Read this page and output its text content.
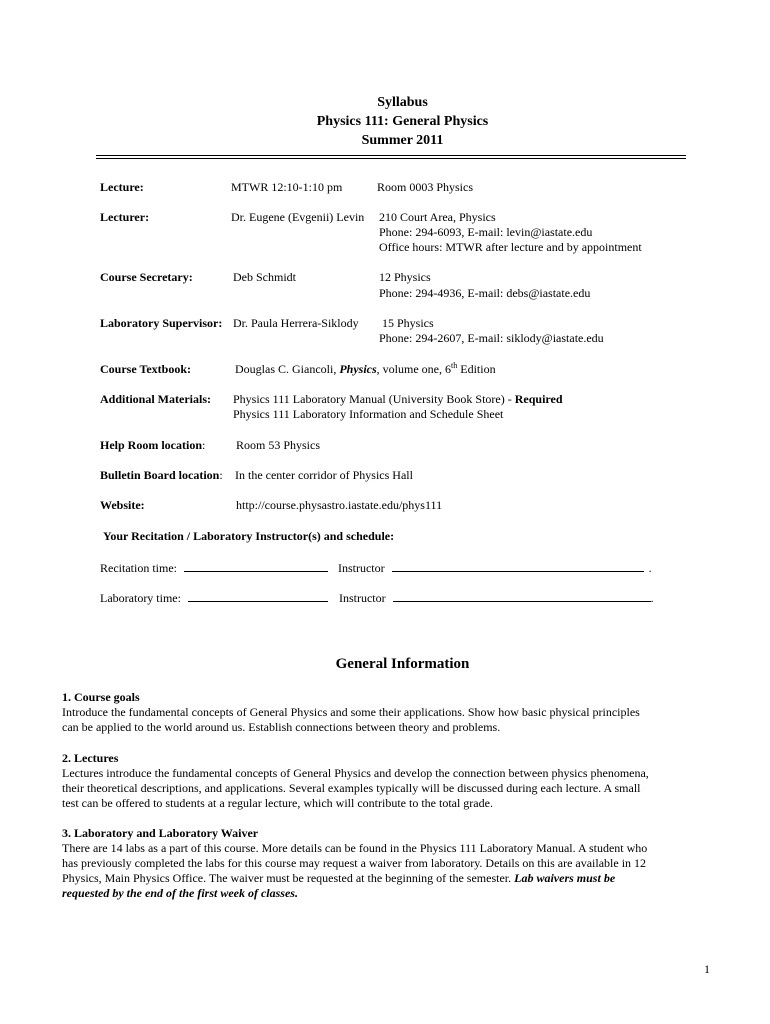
Syllabus
Physics 111: General Physics
Summer 2011
Lecture:	MTWR 12:10-1:10 pm	Room 0003 Physics
Lecturer:	Dr. Eugene (Evgenii) Levin 210 Court Area, Physics
Phone: 294-6093, E-mail: levin@iastate.edu
Office hours: MTWR after lecture and by appointment
Course Secretary:	Deb Schmidt	12 Physics
Phone: 294-4936, E-mail: debs@iastate.edu
Laboratory Supervisor: Dr. Paula Herrera-Siklody 15 Physics
Phone: 294-2607, E-mail: siklody@iastate.edu
Course Textbook:	Douglas C. Giancoli, Physics, volume one, 6th Edition
Additional Materials: Physics 111 Laboratory Manual (University Book Store) - Required
Physics 111 Laboratory Information and Schedule Sheet
Help Room location:	Room 53 Physics
Bulletin Board location: In the center corridor of Physics Hall
Website:	http://course.physastro.iastate.edu/phys111
Your Recitation / Laboratory Instructor(s) and schedule:
Recitation time:	Instructor	.
Laboratory time:	Instructor	.
General Information
1. Course goals
Introduce the fundamental concepts of General Physics and some their applications. Show how basic physical principles
can be applied to the world around us. Establish connections between theory and problems.
2. Lectures
Lectures introduce the fundamental concepts of General Physics and develop the connection between physics phenomena,
their theoretical descriptions, and applications. Several examples typically will be discussed during each lecture. A small
test can be offered to students at a regular lecture, which will contribute to the total grade.
3. Laboratory and Laboratory Waiver
There are 14 labs as a part of this course. More details can be found in the Physics 111 Laboratory Manual. A student who
has previously completed the labs for this course may request a waiver from laboratory. Details on this are available in 12
Physics, Main Physics Office. The waiver must be requested at the beginning of the semester. Lab waivers must be
requested by the end of the first week of classes.
1
